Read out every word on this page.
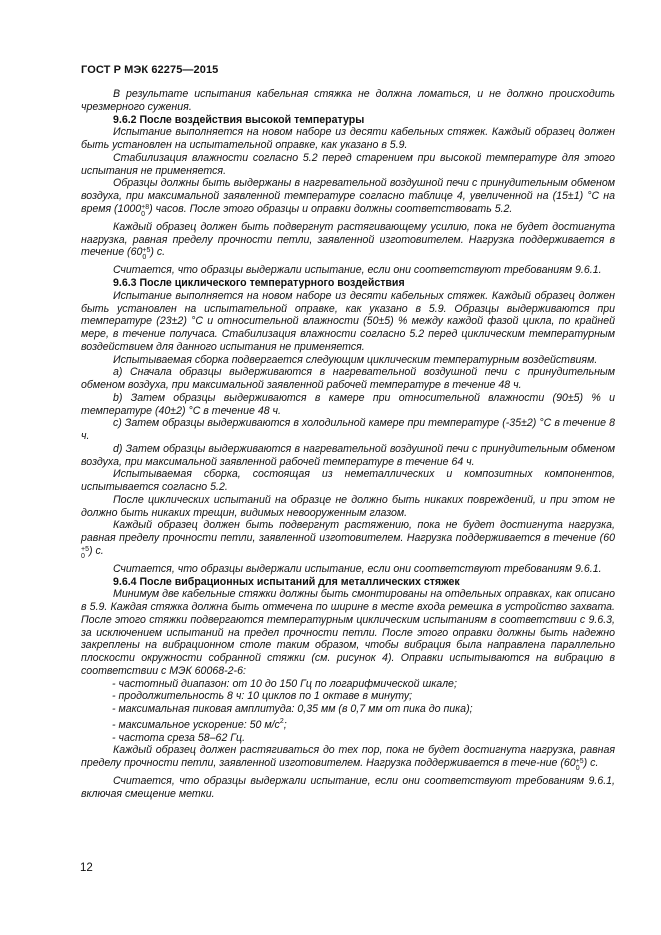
ГОСТ Р МЭК 62275—2015

В результате испытания кабельная стяжка не должна ломаться, и не должно происходить чрезмерного сужения.

9.6.2 После воздействия высокой температуры

Испытание выполняется на новом наборе из десяти кабельных стяжек. Каждый образец должен быть установлен на испытательной оправке, как указано в 5.9.

Стабилизация влажности согласно 5.2 перед старением при высокой температуре для этого испытания не применяется.

Образцы должны быть выдержаны в нагревательной воздушной печи с принудительным обменом воздуха, при максимальной заявленной температуре согласно таблице 4, увеличенной на (15±1) °С на время (1000 +8
0 ) часов. После этого образцы и оправки должны соответствовать 5.2.

Каждый образец должен быть подвергнут растягивающему усилию, пока не будет достигнута нагрузка, равная пределу прочности петли, заявленной изготовителем. Нагрузка поддерживается в течение (60 +5
0 ) с.

Считается, что образцы выдержали испытание, если они соответствуют требованиям 9.6.1.

9.6.3 После циклического температурного воздействия

Испытание выполняется на новом наборе из десяти кабельных стяжек. Каждый образец должен быть установлен на испытательной оправке, как указано в 5.9. Образцы выдерживаются при температуре (23±2) °С и относительной влажности (50±5) % между каждой фазой цикла, по крайней мере, в течение получаса. Стабилизация влажности согласно 5.2 перед циклическим температурным воздействием для данного испытания не применяется.

Испытываемая сборка подвергается следующим циклическим температурным воздействиям.

a) Сначала образцы выдерживаются в нагревательной воздушной печи с принудительным обменом воздуха, при максимальной заявленной рабочей температуре в течение 48 ч.

b) Затем образцы выдерживаются в камере при относительной влажности (90±5) % и температуре (40±2) °С в течение 48 ч.

c) Затем образцы выдерживаются в холодильной камере при температуре (-35±2) °С в течение 8 ч.

d) Затем образцы выдерживаются в нагревательной воздушной печи с принудительным обменом воздуха, при максимальной заявленной рабочей температуре в течение 64 ч.

Испытываемая сборка, состоящая из неметаллических и композитных компонентов, испытывается согласно 5.2.

После циклических испытаний на образце не должно быть никаких повреждений, и при этом не должно быть никаких трещин, видимых невооруженным глазом.

Каждый образец должен быть подвергнут растяжению, пока не будет достигнута нагрузка, равная пределу прочности петли, заявленной изготовителем. Нагрузка поддерживается в течение (60
+5
0 ) с.

Считается, что образцы выдержали испытание, если они соответствуют требованиям 9.6.1.

9.6.4 После вибрационных испытаний для металлических стяжек

Минимум две кабельные стяжки должны быть смонтированы на отдельных оправках, как описано в 5.9. Каждая стяжка должна быть отмечена по ширине в месте входа ремешка в устройство захвата. После этого стяжки подвергаются температурным циклическим испытаниям в соответствии с 9.6.3, за исключением испытаний на предел прочности петли. После этого оправки должны быть надежно закреплены на вибрационном столе таким образом, чтобы вибрация была направлена параллельно плоскости окружности собранной стяжки (см. рисунок 4). Оправки испытываются на вибрацию в соответствии с МЭК 60068-2-6:

- частотный диапазон: от 10 до 150 Гц по логарифмической шкале;

- продолжительность 8 ч: 10 циклов по 1 октаве в минуту;

- максимальная пиковая амплитуда: 0,35 мм (в 0,7 мм от пика до пика);

- максимальное ускорение: 50 $м/с^2$;

- частота среза 58–62 Гц.

Каждый образец должен растягиваться до тех пор, пока не будет достигнута нагрузка, равная пределу прочности петли, заявленной изготовителем. Нагрузка поддерживается в тече-ние (60 +5
0 ) с.

Считается, что образцы выдержали испытание, если они соответствуют требованиям 9.6.1, включая смещение метки.

12
